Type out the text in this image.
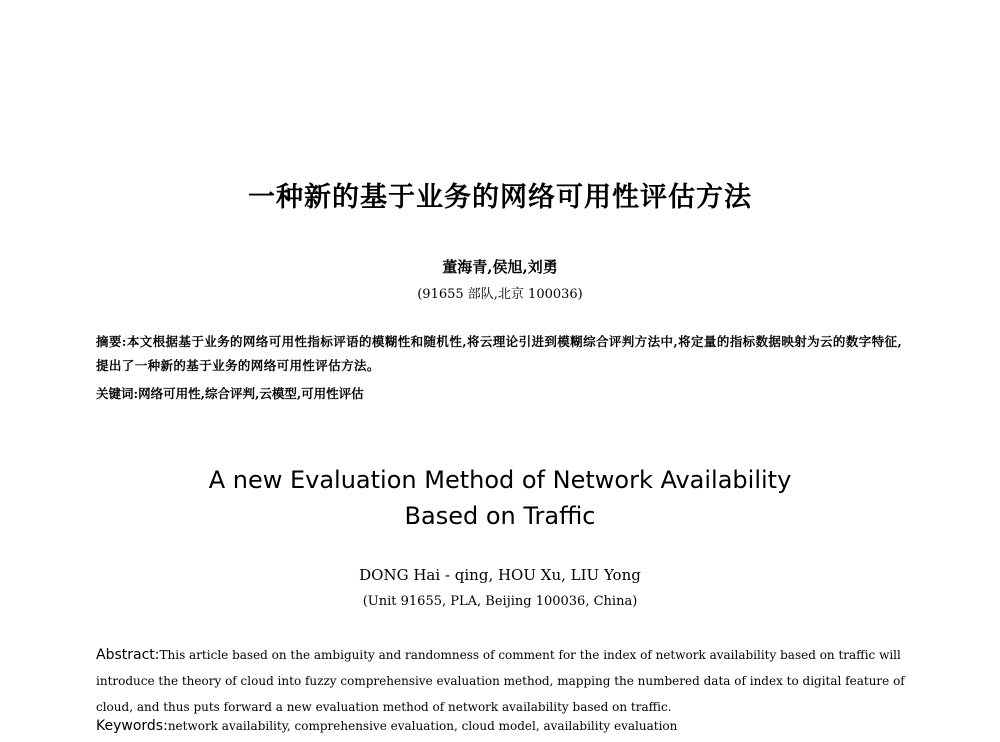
一种新的基于业务的网络可用性评估方法
董海青,侯旭,刘勇
(91655 部队,北京 100036)
摘要:本文根据基于业务的网络可用性指标评语的模糊性和随机性,将云理论引进到模糊综合评判方法中,将定量的指标数据映射为云的数字特征,提出了一种新的基于业务的网络可用性评估方法。
关键词:网络可用性,综合评判,云模型,可用性评估
A new Evaluation Method of Network Availability
Based on Traffic
DONG Hai - qing, HOU Xu, LIU Yong
(Unit 91655, PLA, Beijing 100036, China)
Abstract:This article based on the ambiguity and randomness of comment for the index of network availability based on traffic will introduce the theory of cloud into fuzzy comprehensive evaluation method, mapping the numbered data of index to digital feature of cloud, and thus puts forward a new evaluation method of network availability based on traffic.
Keywords:network availability, comprehensive evaluation, cloud model, availability evaluation
